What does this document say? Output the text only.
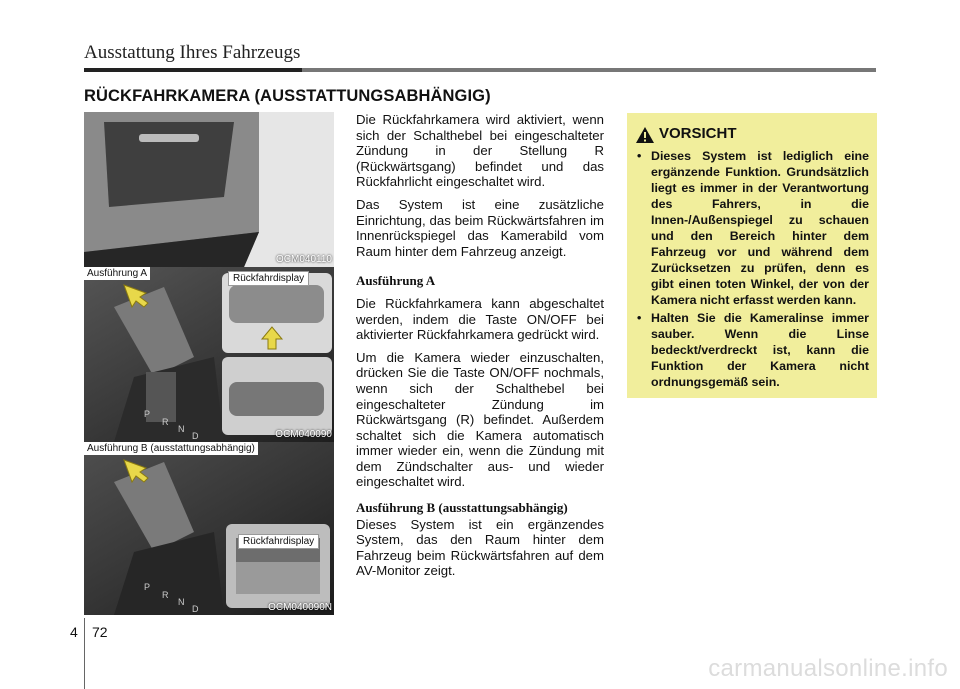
Ausstattung Ihres Fahrzeugs
RÜCKFAHRKAMERA (AUSSTATTUNGSABHÄNGIG)
OCM040110
P
R
N
D
Ausführung A	Rückfahrdisplay
OCM040090
P
R
N
D
Ausführung B (ausstattungsabhängig)
Rückfahrdisplay
OCM040090N

Die Rückfahrkamera wird aktiviert, wenn sich der Schalthebel bei eingeschalteter Zündung in der Stellung R (Rückwärtsgang) befindet und das Rückfahrlicht eingeschaltet wird.

Das System ist eine zusätzliche Einrichtung, das beim Rückwärtsfahren im Innenrückspiegel das Kamerabild vom Raum hinter dem Fahrzeug anzeigt.

Ausführung A

Die Rückfahrkamera kann abgeschaltet werden, indem die Taste ON/OFF bei aktivierter Rückfahrkamera gedrückt wird.

Um die Kamera wieder einzuschalten, drücken Sie die Taste ON/OFF nochmals, wenn sich der Schalthebel bei eingeschalteter Zündung im Rückwärtsgang (R) befindet. Außerdem schaltet sich die Kamera automatisch immer wieder ein, wenn die Zündung mit dem Zündschalter aus- und wieder eingeschaltet wird.

Ausführung B (ausstattungsabhängig)

Dieses System ist ein ergänzendes System, das den Raum hinter dem Fahrzeug beim Rückwärtsfahren auf dem AV-Monitor zeigt.

VORSICHT
• Dieses System ist lediglich eine ergänzende Funktion. Grundsätzlich liegt es immer in der Verantwortung des Fahrers, in die Innen-/Außenspiegel zu schauen und den Bereich hinter dem Fahrzeug vor und während dem Zurücksetzen zu prüfen, denn es gibt einen toten Winkel, der von der Kamera nicht erfasst werden kann.
• Halten Sie die Kameralinse immer sauber. Wenn die Linse bedeckt/verdreckt ist, kann die Funktion der Kamera nicht ordnungsgemäß sein.
4 72
carmanualsonline.info
